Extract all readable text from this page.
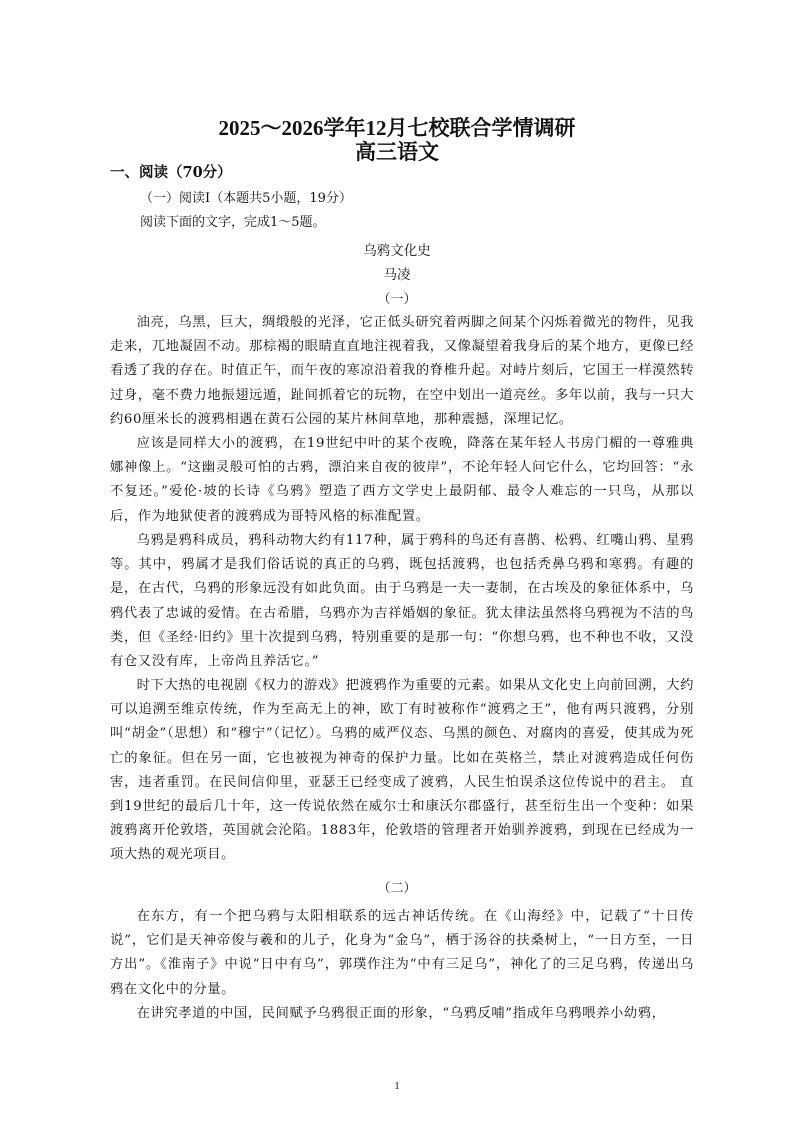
2025～2026学年12月七校联合学情调研
高三语文
一、阅读（70分）
（一）阅读Ⅰ（本题共5小题，19分）
阅读下面的文字，完成1～5题。
乌鸦文化史
马凌
（一）

油亮，乌黑，巨大，绸缎般的光泽，它正低头研究着两脚之间某个闪烁着微光的物件，见我走来，兀地凝固不动。那棕褐的眼睛直直地注视着我，又像凝望着我身后的某个地方，更像已经看透了我的存在。时值正午，而午夜的寒凉沿着我的脊椎升起。对峙片刻后，它国王一样漠然转过身，毫不费力地振翅远遁，趾间抓着它的玩物，在空中划出一道亮丝。多年以前，我与一只大约60厘米长的渡鸦相遇在黄石公园的某片林间草地，那种震撼，深埋记忆。

应该是同样大小的渡鸦，在19世纪中叶的某个夜晚，降落在某年轻人书房门楣的一尊雅典娜神像上。“这幽灵般可怕的古鸦，漂泊来自夜的彼岸”，不论年轻人问它什么，它均回答：“永不复还。”爱伦·坡的长诗《乌鸦》塑造了西方文学史上最阴郁、最令人难忘的一只鸟，从那以后，作为地狱使者的渡鸦成为哥特风格的标准配置。

乌鸦是鸦科成员，鸦科动物大约有117种，属于鸦科的鸟还有喜鹊、松鸦、红嘴山鸦、星鸦等。其中，鸦属才是我们俗话说的真正的乌鸦，既包括渡鸦，也包括秃鼻乌鸦和寒鸦。有趣的是，在古代，乌鸦的形象远没有如此负面。由于乌鸦是一夫一妻制，在古埃及的象征体系中，乌鸦代表了忠诚的爱情。在古希腊，乌鸦亦为吉祥婚姻的象征。犹太律法虽然将乌鸦视为不洁的鸟类，但《圣经·旧约》里十次提到乌鸦，特别重要的是那一句：“你想乌鸦，也不种也不收，又没有仓又没有库，上帝尚且养活它。”

时下大热的电视剧《权力的游戏》把渡鸦作为重要的元素。如果从文化史上向前回溯，大约可以追溯至维京传统，作为至高无上的神，欧丁有时被称作“渡鸦之王”，他有两只渡鸦，分别叫“胡金”（思想）和“穆宁”（记忆）。乌鸦的威严仪态、乌黑的颜色、对腐肉的喜爱，使其成为死亡的象征。但在另一面，它也被视为神奇的保护力量。比如在英格兰，禁止对渡鸦造成任何伤害，违者重罚。在民间信仰里，亚瑟王已经变成了渡鸦，人民生怕误杀这位传说中的君主。 直到19世纪的最后几十年，这一传说依然在威尔士和康沃尔郡盛行，甚至衍生出一个变种：如果渡鸦离开伦敦塔，英国就会沦陷。1883年，伦敦塔的管理者开始驯养渡鸦，到现在已经成为一项大热的观光项目。

（二）

在东方，有一个把乌鸦与太阳相联系的远古神话传统。在《山海经》中，记载了“十日传说”，它们是天神帝俊与羲和的儿子，化身为“金乌”，栖于汤谷的扶桑树上，“一日方至，一日方出”。《淮南子》中说“日中有乌”，郭璞作注为“中有三足乌”，神化了的三足乌鸦，传递出乌鸦在文化中的分量。

在讲究孝道的中国，民间赋予乌鸦很正面的形象，“乌鸦反哺”指成年乌鸦喂养小幼鸦，

1
